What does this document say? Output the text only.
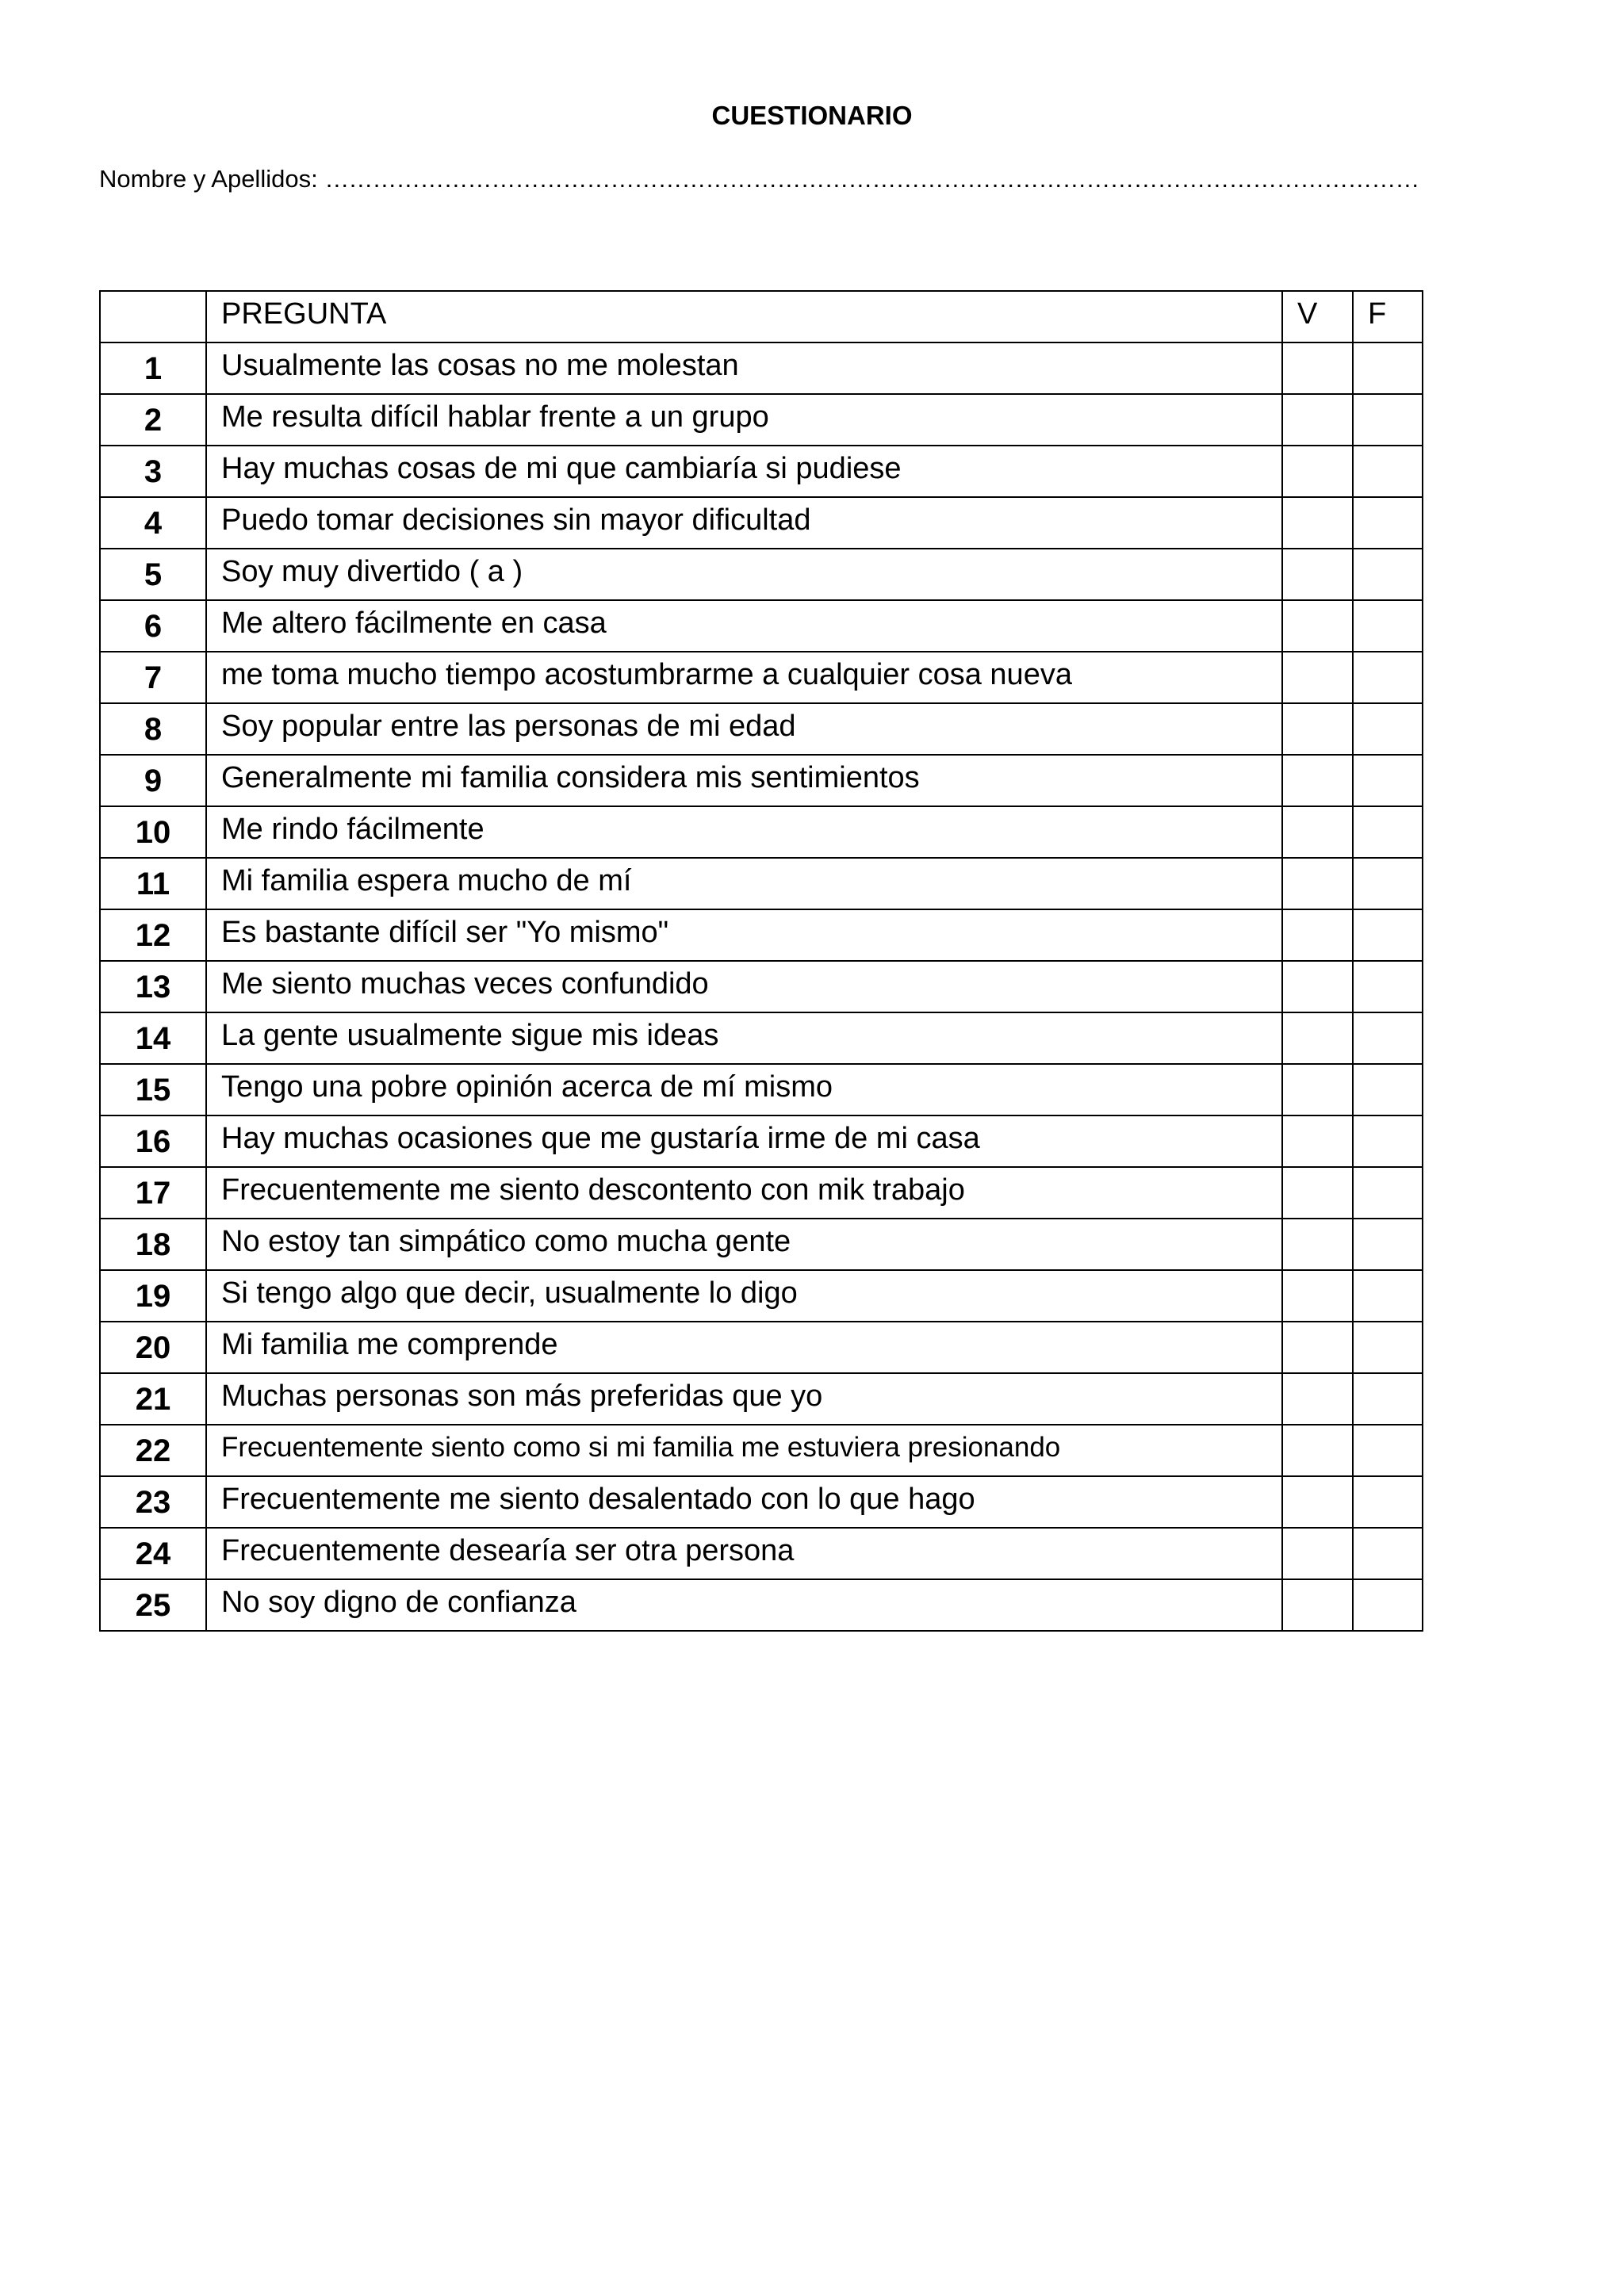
CUESTIONARIO
Nombre y Apellidos: …………………………………………………………………………………………………………………………
	PREGUNTA	V	F
1	Usualmente las cosas no me molestan		
2	Me resulta difícil hablar frente a un grupo		
3	Hay muchas cosas de mi que cambiaría si pudiese		
4	Puedo tomar decisiones sin mayor dificultad		
5	Soy muy divertido ( a )		
6	Me altero fácilmente en casa		
7	me toma mucho tiempo acostumbrarme a cualquier cosa nueva		
8	Soy popular entre las personas de mi edad		
9	Generalmente mi familia considera mis sentimientos		
10	Me rindo fácilmente		
11	Mi familia espera mucho de mí		
12	Es bastante difícil ser "Yo mismo"		
13	Me siento muchas veces confundido		
14	La gente usualmente sigue mis ideas		
15	Tengo una pobre opinión acerca de mí mismo		
16	Hay muchas ocasiones que me gustaría irme de mi casa		
17	Frecuentemente me siento descontento con mik trabajo		
18	No estoy tan simpático como mucha gente		
19	Si tengo algo que decir, usualmente lo digo		
20	Mi familia me comprende		
21	Muchas personas son más preferidas que yo		
22	Frecuentemente siento como si mi familia me estuviera presionando		
23	Frecuentemente me siento desalentado con lo que hago		
24	Frecuentemente desearía ser otra persona		
25	No soy digno de confianza		
